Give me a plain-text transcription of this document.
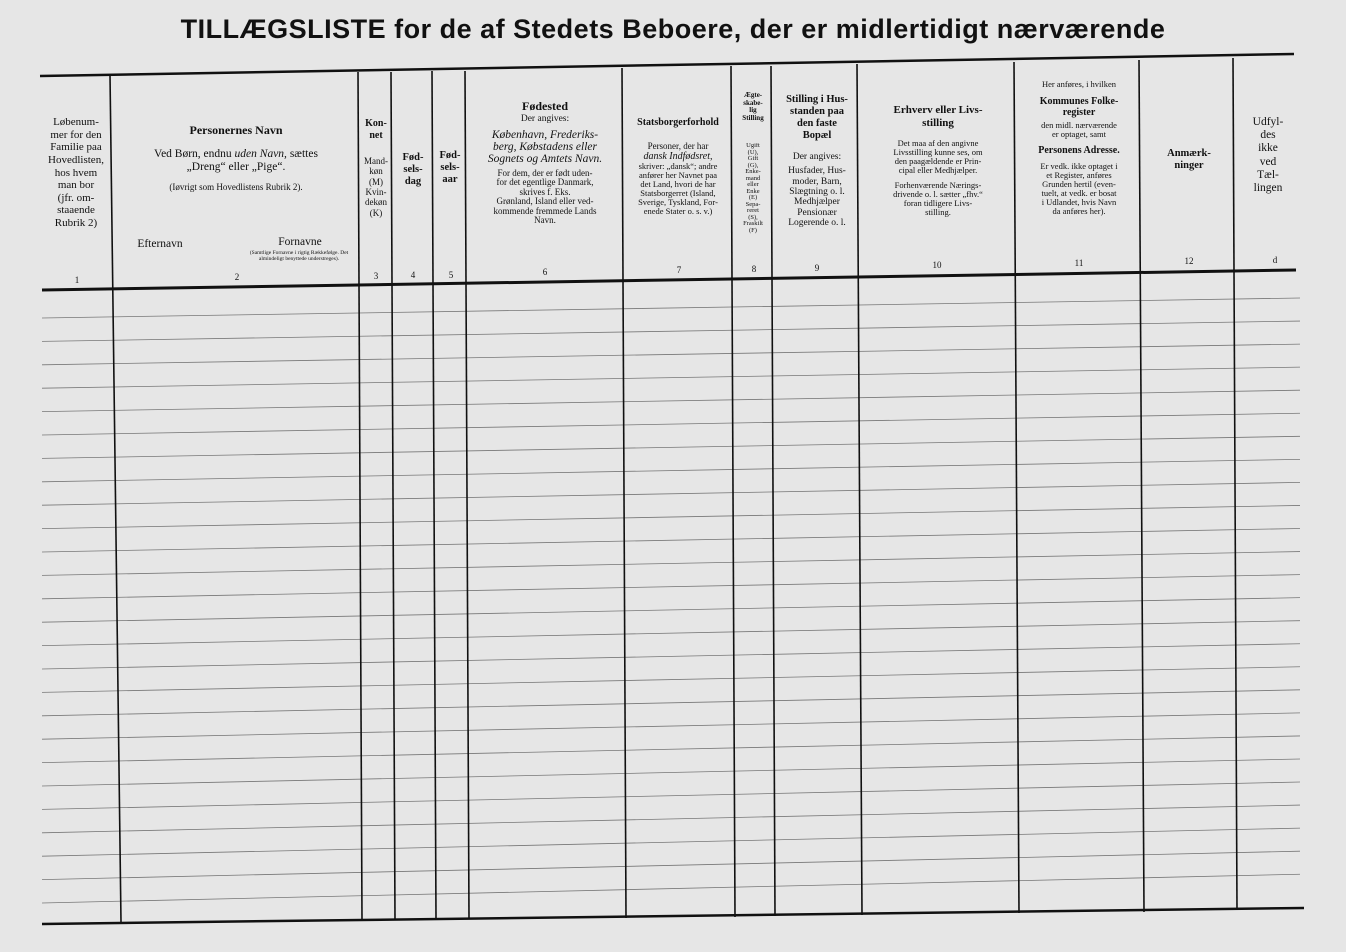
TILLÆGSLISTE for de af Stedets Beboere, der er midlertidigt nærværende
Løbenum-
mer for den
Familie paa
Hovedlisten,
hos hvem
man bor
(jfr. om-
staaende
Rubrik 2)
1
Personernes Navn
Ved Børn, endnu uden Navn, sættes
„Dreng“ eller „Pige“.
(Iøvrigt som Hovedlistens Rubrik 2).
Efternavn	Fornavne
(Samtlige Fornavne i rigtig Rækkefølge. Det almindeligt benyttede understreges).
2
Kon-
net
Mand-
køn
(M)
Kvin-
dekøn
(K)
3
Fød-
sels-
dag
4
Fød-
sels-
aar
5
Fødested
Der angives:
København, Frederiks-
berg, Købstadens eller
Sognets og Amtets Navn.
For dem, der er født uden-
for det egentlige Danmark,
skrives f. Eks.
Grønland, Island eller ved-
kommende fremmede Lands
Navn.
6
Statsborgerforhold
Personer, der har
dansk Indfødsret,
skriver: „dansk“; andre
anfører her Navnet paa
det Land, hvori de har
Statsborgerret (Island,
Sverige, Tyskland, For-
enede Stater o. s. v.)
7
Ægte-
skabe-
lig
Stilling
Ugift
(U),
Gift
(G),
Enke-
mand
eller
Enke
(E)
Sepa-
reret
(S),
Fraskilt
(F)
8
Stilling i Hus-
standen paa
den faste
Bopæl
Der angives:
Husfader, Hus-
moder, Barn,
Slægtning o. l.
Medhjælper
Pensionær
Logerende o. l.
9
Erhverv eller Livs-
stilling
Det maa af den angivne
Livsstilling kunne ses, om
den paagældende er Prin-
cipal eller Medhjælper.
Forhenværende Nærings-
drivende o. l. sætter „fhv.“
foran tidligere Livs-
stilling.
10
Her anføres, i hvilken
Kommunes Folke-
register
den midl. nærværende
er optaget, samt
Personens Adresse.
Er vedk. ikke optaget i
et Register, anføres
Grunden hertil (even-
tuelt, at vedk. er bosat
i Udlandet, hvis Navn
da anføres her).
11
Anmærk-
ninger
12
Udfyl-
des
ikke
ved
Tæl-
lingen
d
